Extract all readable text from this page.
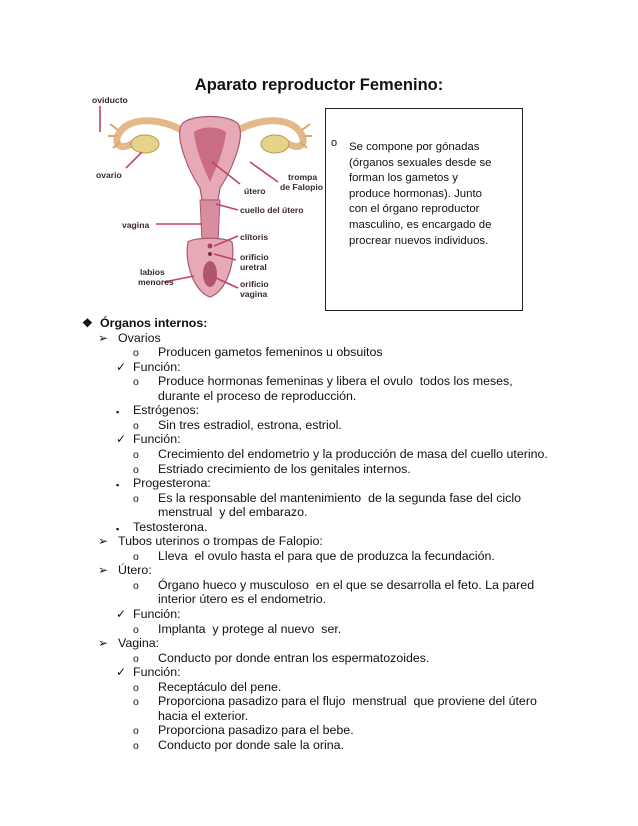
Aparato reproductor Femenino:
oviducto
ovario
útero
trompa
de Falopio
vagina
cuello del útero
clítoris
orificio
uretral
labios
menores	orificio
vagina
o Se compone por gónadas
(órganos sexuales desde se
forman los gametos y
produce hormonas). Junto
con el órgano reproductor
masculino, es encargado de
procrear nuevos individuos.
❖ Órganos internos:
➢ Ovarios
o Producen gametos femeninos u obsuitos
✓ Función:
o Produce hormonas femeninas y libera el ovulo  todos los meses,
durante el proceso de reproducción.
▪ Estrógenos:
o Sin tres estradiol, estrona, estriol.
✓ Función:
o Crecimiento del endometrio y la producción de masa del cuello uterino.
o Estriado crecimiento de los genitales internos.
▪ Progesterona:
o Es la responsable del mantenimiento  de la segunda fase del ciclo
menstrual  y del embarazo.
▪ Testosterona.
➢ Tubos uterinos o trompas de Falopio:
o Lleva  el ovulo hasta el para que de produzca la fecundación.
➢ Útero:
o Órgano hueco y musculoso  en el que se desarrolla el feto. La pared
interior útero es el endometrio.
✓ Función:
o Implanta  y protege al nuevo  ser.
➢ Vagina:
o Conducto por donde entran los espermatozoides.
✓ Función:
o Receptáculo del pene.
o Proporciona pasadizo para el flujo  menstrual  que proviene del útero
hacia el exterior.
o Proporciona pasadizo para el bebe.
o Conducto por donde sale la orina.
